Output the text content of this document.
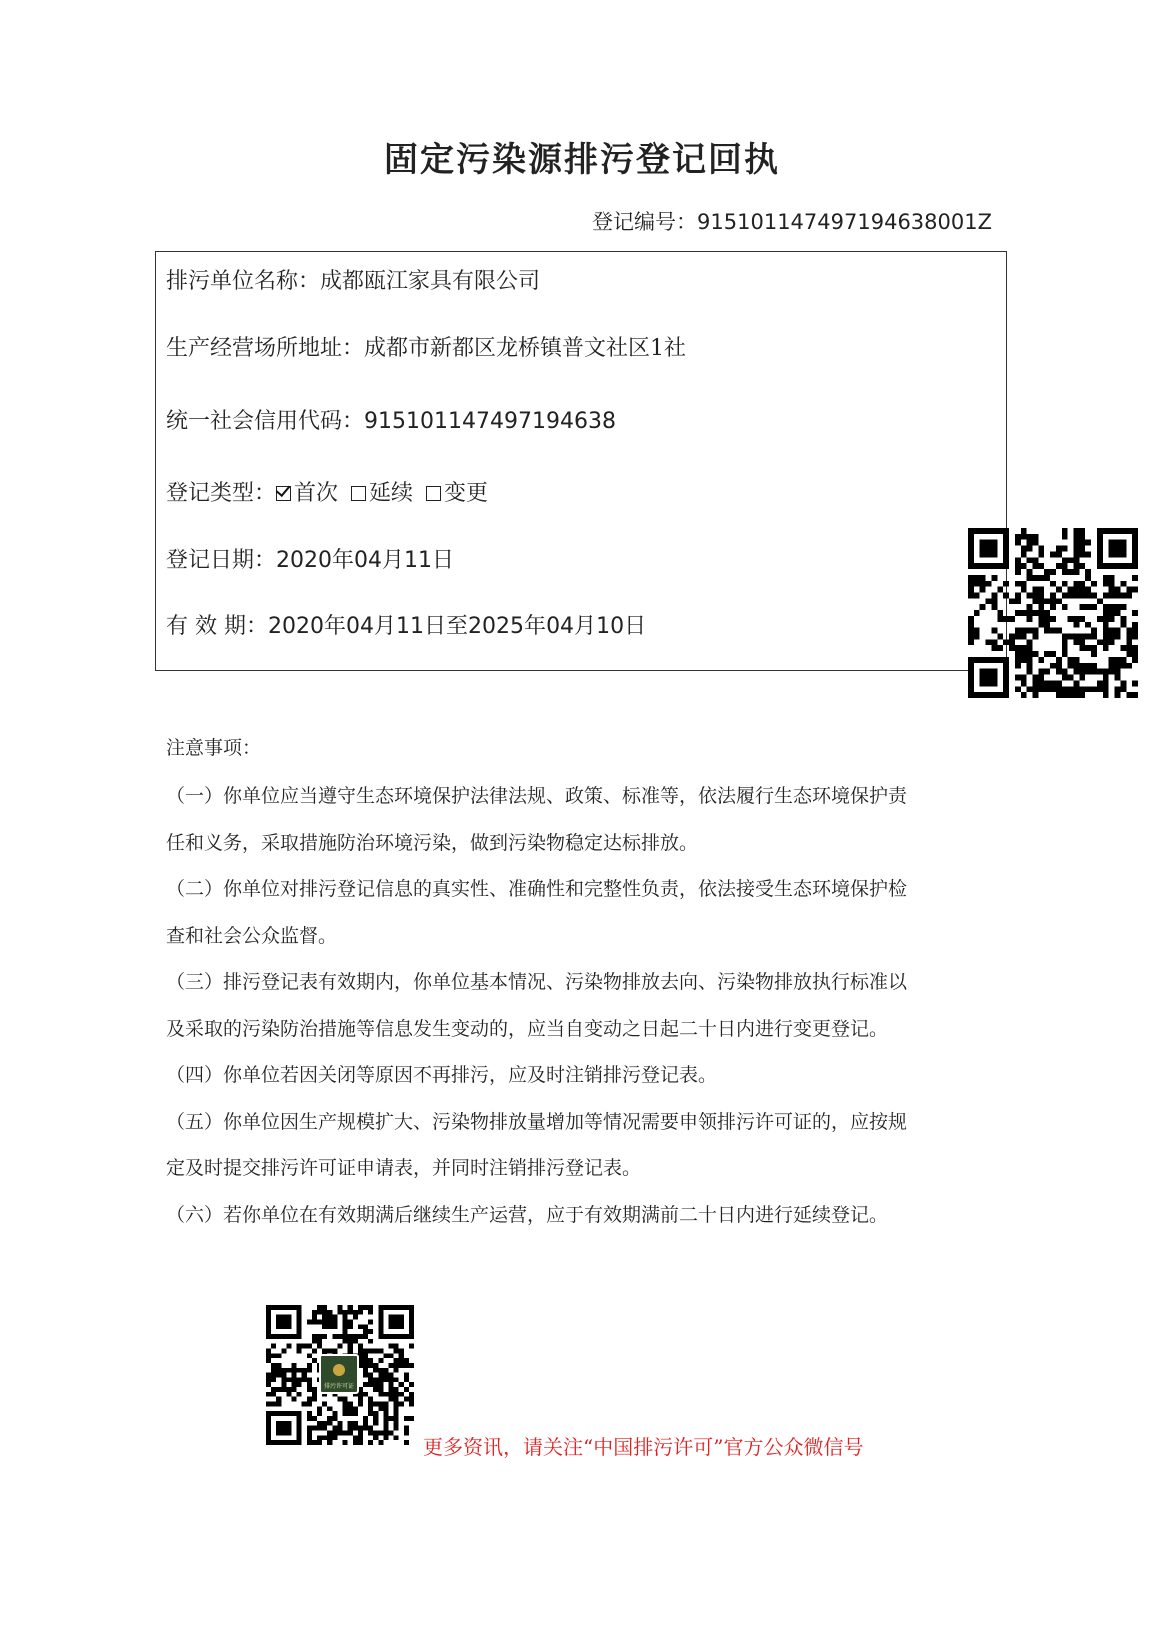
固定污染源排污登记回执
登记编号：915101147497194638001Z
排污单位名称：成都瓯江家具有限公司
生产经营场所地址：成都市新都区龙桥镇普文社区1社
统一社会信用代码：915101147497194638
登记类型： 首次 延续 变更
登记日期：2020年04月11日
有 效 期：2020年04月11日至2025年04月10日
注意事项：

（一）你单位应当遵守生态环境保护法律法规、政策、标准等，依法履行生态环境保护责

任和义务，采取措施防治环境污染，做到污染物稳定达标排放。

（二）你单位对排污登记信息的真实性、准确性和完整性负责，依法接受生态环境保护检

查和社会公众监督。

（三）排污登记表有效期内，你单位基本情况、污染物排放去向、污染物排放执行标准以

及采取的污染防治措施等信息发生变动的，应当自变动之日起二十日内进行变更登记。

（四）你单位若因关闭等原因不再排污，应及时注销排污登记表。

（五）你单位因生产规模扩大、污染物排放量增加等情况需要申领排污许可证的，应按规

定及时提交排污许可证申请表，并同时注销排污登记表。

（六）若你单位在有效期满后继续生产运营，应于有效期满前二十日内进行延续登记。

排污许可证
更多资讯，请关注“中国排污许可”官方公众微信号
